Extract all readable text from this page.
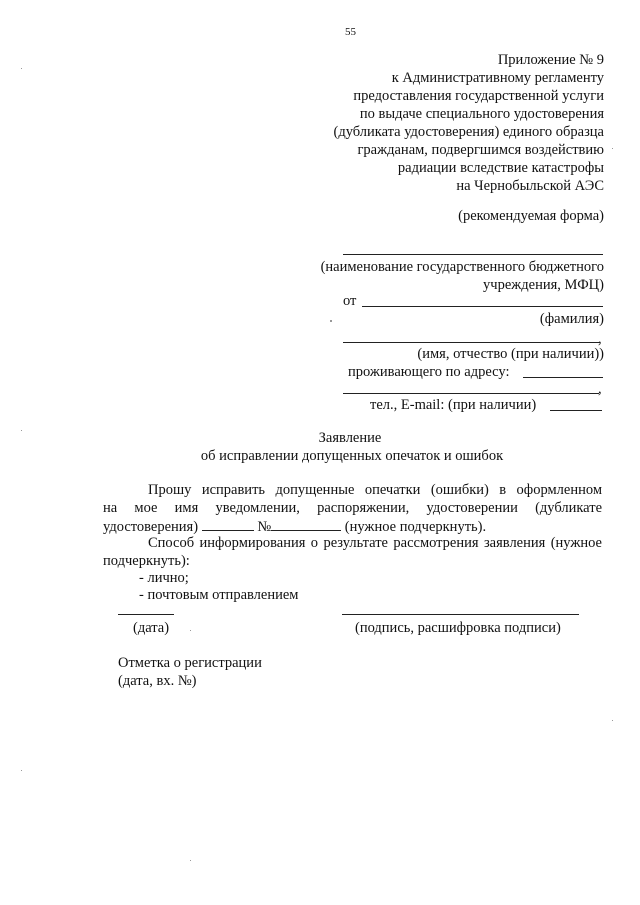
55
Приложение № 9
к Административному регламенту
предоставления государственной услуги
по выдаче специального удостоверения
(дубликата удостоверения) единого образца
гражданам, подвергшимся воздействию
радиации вследствие катастрофы
на Чернобыльской АЭС
(рекомендуемая форма)
(наименование государственного бюджетного
учреждения, МФЦ)
от
(фамилия)
,
(имя, отчество (при наличии))
проживающего по адресу:
,
тел., E-mail: (при наличии)
Заявление
об исправлении допущенных опечаток и ошибок
Прошу исправить допущенные опечатки (ошибки) в оформленном
на мое имя уведомлении, распоряжении, удостоверении (дубликате
удостоверения)	№	(нужное подчеркнуть).
Способ информирования о результате рассмотрения заявления (нужное
подчеркнуть):
- лично;
- почтовым отправлением
(дата)	(подпись, расшифровка подписи)
Отметка о регистрации
(дата, вх. №)
